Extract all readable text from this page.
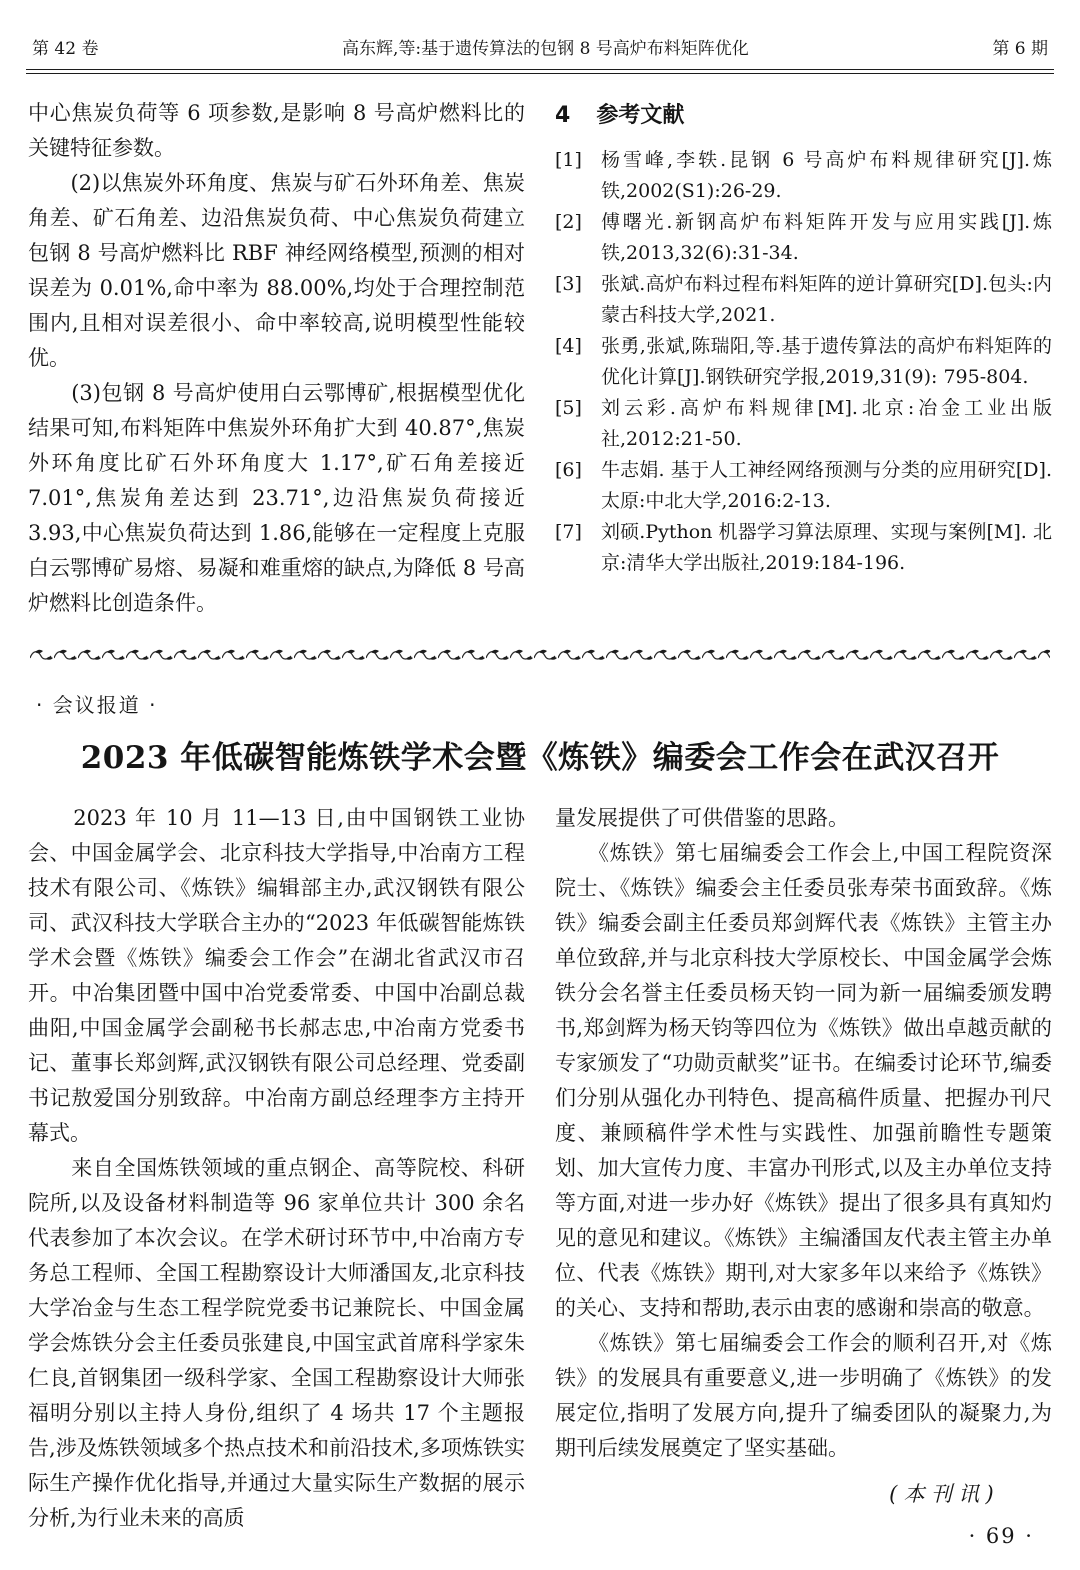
第 42 卷	高东辉,等:基于遗传算法的包钢 8 号高炉布料矩阵优化	第 6 期

中心焦炭负荷等 6 项参数,是影响 8 号高炉燃料比的关键特征参数。

　　(2)以焦炭外环角度、焦炭与矿石外环角差、焦炭角差、矿石角差、边沿焦炭负荷、中心焦炭负荷建立包钢 8 号高炉燃料比 RBF 神经网络模型,预测的相对误差为 0.01%,命中率为 88.00%,均处于合理控制范围内,且相对误差很小、命中率较高,说明模型性能较优。

　　(3)包钢 8 号高炉使用白云鄂博矿,根据模型优化结果可知,布料矩阵中焦炭外环角扩大到 40.87°,焦炭外环角度比矿石外环角度大 1.17°,矿石角差接近 7.01°,焦炭角差达到 23.71°,边沿焦炭负荷接近 3.93,中心焦炭负荷达到 1.86,能够在一定程度上克服白云鄂博矿易熔、易凝和难重熔的缺点,为降低 8 号高炉燃料比创造条件。

4 参考文献
[1]	杨雪峰,李轶.昆钢 6 号高炉布料规律研究[J].炼铁,2002(S1):26-29.
[2]	傅曙光.新钢高炉布料矩阵开发与应用实践[J].炼铁,2013,32(6):31-34.
[3]	张斌.高炉布料过程布料矩阵的逆计算研究[D].包头:内蒙古科技大学,2021.
[4]	张勇,张斌,陈瑞阳,等.基于遗传算法的高炉布料矩阵的优化计算[J].钢铁研究学报,2019,31(9): 795-804.
[5]	刘云彩.高炉布料规律[M].北京:冶金工业出版社,2012:21-50.
[6]	牛志娟. 基于人工神经网络预测与分类的应用研究[D].太原:中北大学,2016:2-13.
[7]	刘硕.Python 机器学习算法原理、实现与案例[M]. 北京:清华大学出版社,2019:184-196.
· 会议报道 ·
2023 年低碳智能炼铁学术会暨《炼铁》编委会工作会在武汉召开

　　2023 年 10 月 11—13 日,由中国钢铁工业协会、中国金属学会、北京科技大学指导,中冶南方工程技术有限公司、《炼铁》编辑部主办,武汉钢铁有限公司、武汉科技大学联合主办的“2023 年低碳智能炼铁学术会暨《炼铁》编委会工作会”在湖北省武汉市召开。中冶集团暨中国中冶党委常委、中国中冶副总裁曲阳,中国金属学会副秘书长郝志忠,中冶南方党委书记、董事长郑剑辉,武汉钢铁有限公司总经理、党委副书记敖爱国分别致辞。中冶南方副总经理李方主持开幕式。

　　来自全国炼铁领域的重点钢企、高等院校、科研院所,以及设备材料制造等 96 家单位共计 300 余名代表参加了本次会议。在学术研讨环节中,中冶南方专务总工程师、全国工程勘察设计大师潘国友,北京科技大学冶金与生态工程学院党委书记兼院长、中国金属学会炼铁分会主任委员张建良,中国宝武首席科学家朱仁良,首钢集团一级科学家、全国工程勘察设计大师张福明分别以主持人身份,组织了 4 场共 17 个主题报告,涉及炼铁领域多个热点技术和前沿技术,多项炼铁实际生产操作优化指导,并通过大量实际生产数据的展示分析,为行业未来的高质

量发展提供了可供借鉴的思路。

　　《炼铁》第七届编委会工作会上,中国工程院资深院士、《炼铁》编委会主任委员张寿荣书面致辞。《炼铁》编委会副主任委员郑剑辉代表《炼铁》主管主办单位致辞,并与北京科技大学原校长、中国金属学会炼铁分会名誉主任委员杨天钧一同为新一届编委颁发聘书,郑剑辉为杨天钧等四位为《炼铁》做出卓越贡献的专家颁发了“功勋贡献奖”证书。在编委讨论环节,编委们分别从强化办刊特色、提高稿件质量、把握办刊尺度、兼顾稿件学术性与实践性、加强前瞻性专题策划、加大宣传力度、丰富办刊形式,以及主办单位支持等方面,对进一步办好《炼铁》提出了很多具有真知灼见的意见和建议。《炼铁》主编潘国友代表主管主办单位、代表《炼铁》期刊,对大家多年以来给予《炼铁》的关心、支持和帮助,表示由衷的感谢和崇高的敬意。

　　《炼铁》第七届编委会工作会的顺利召开,对《炼铁》的发展具有重要意义,进一步明确了《炼铁》的发展定位,指明了发展方向,提升了编委团队的凝聚力,为期刊后续发展奠定了坚实基础。

(本刊讯)
· 69 ·
